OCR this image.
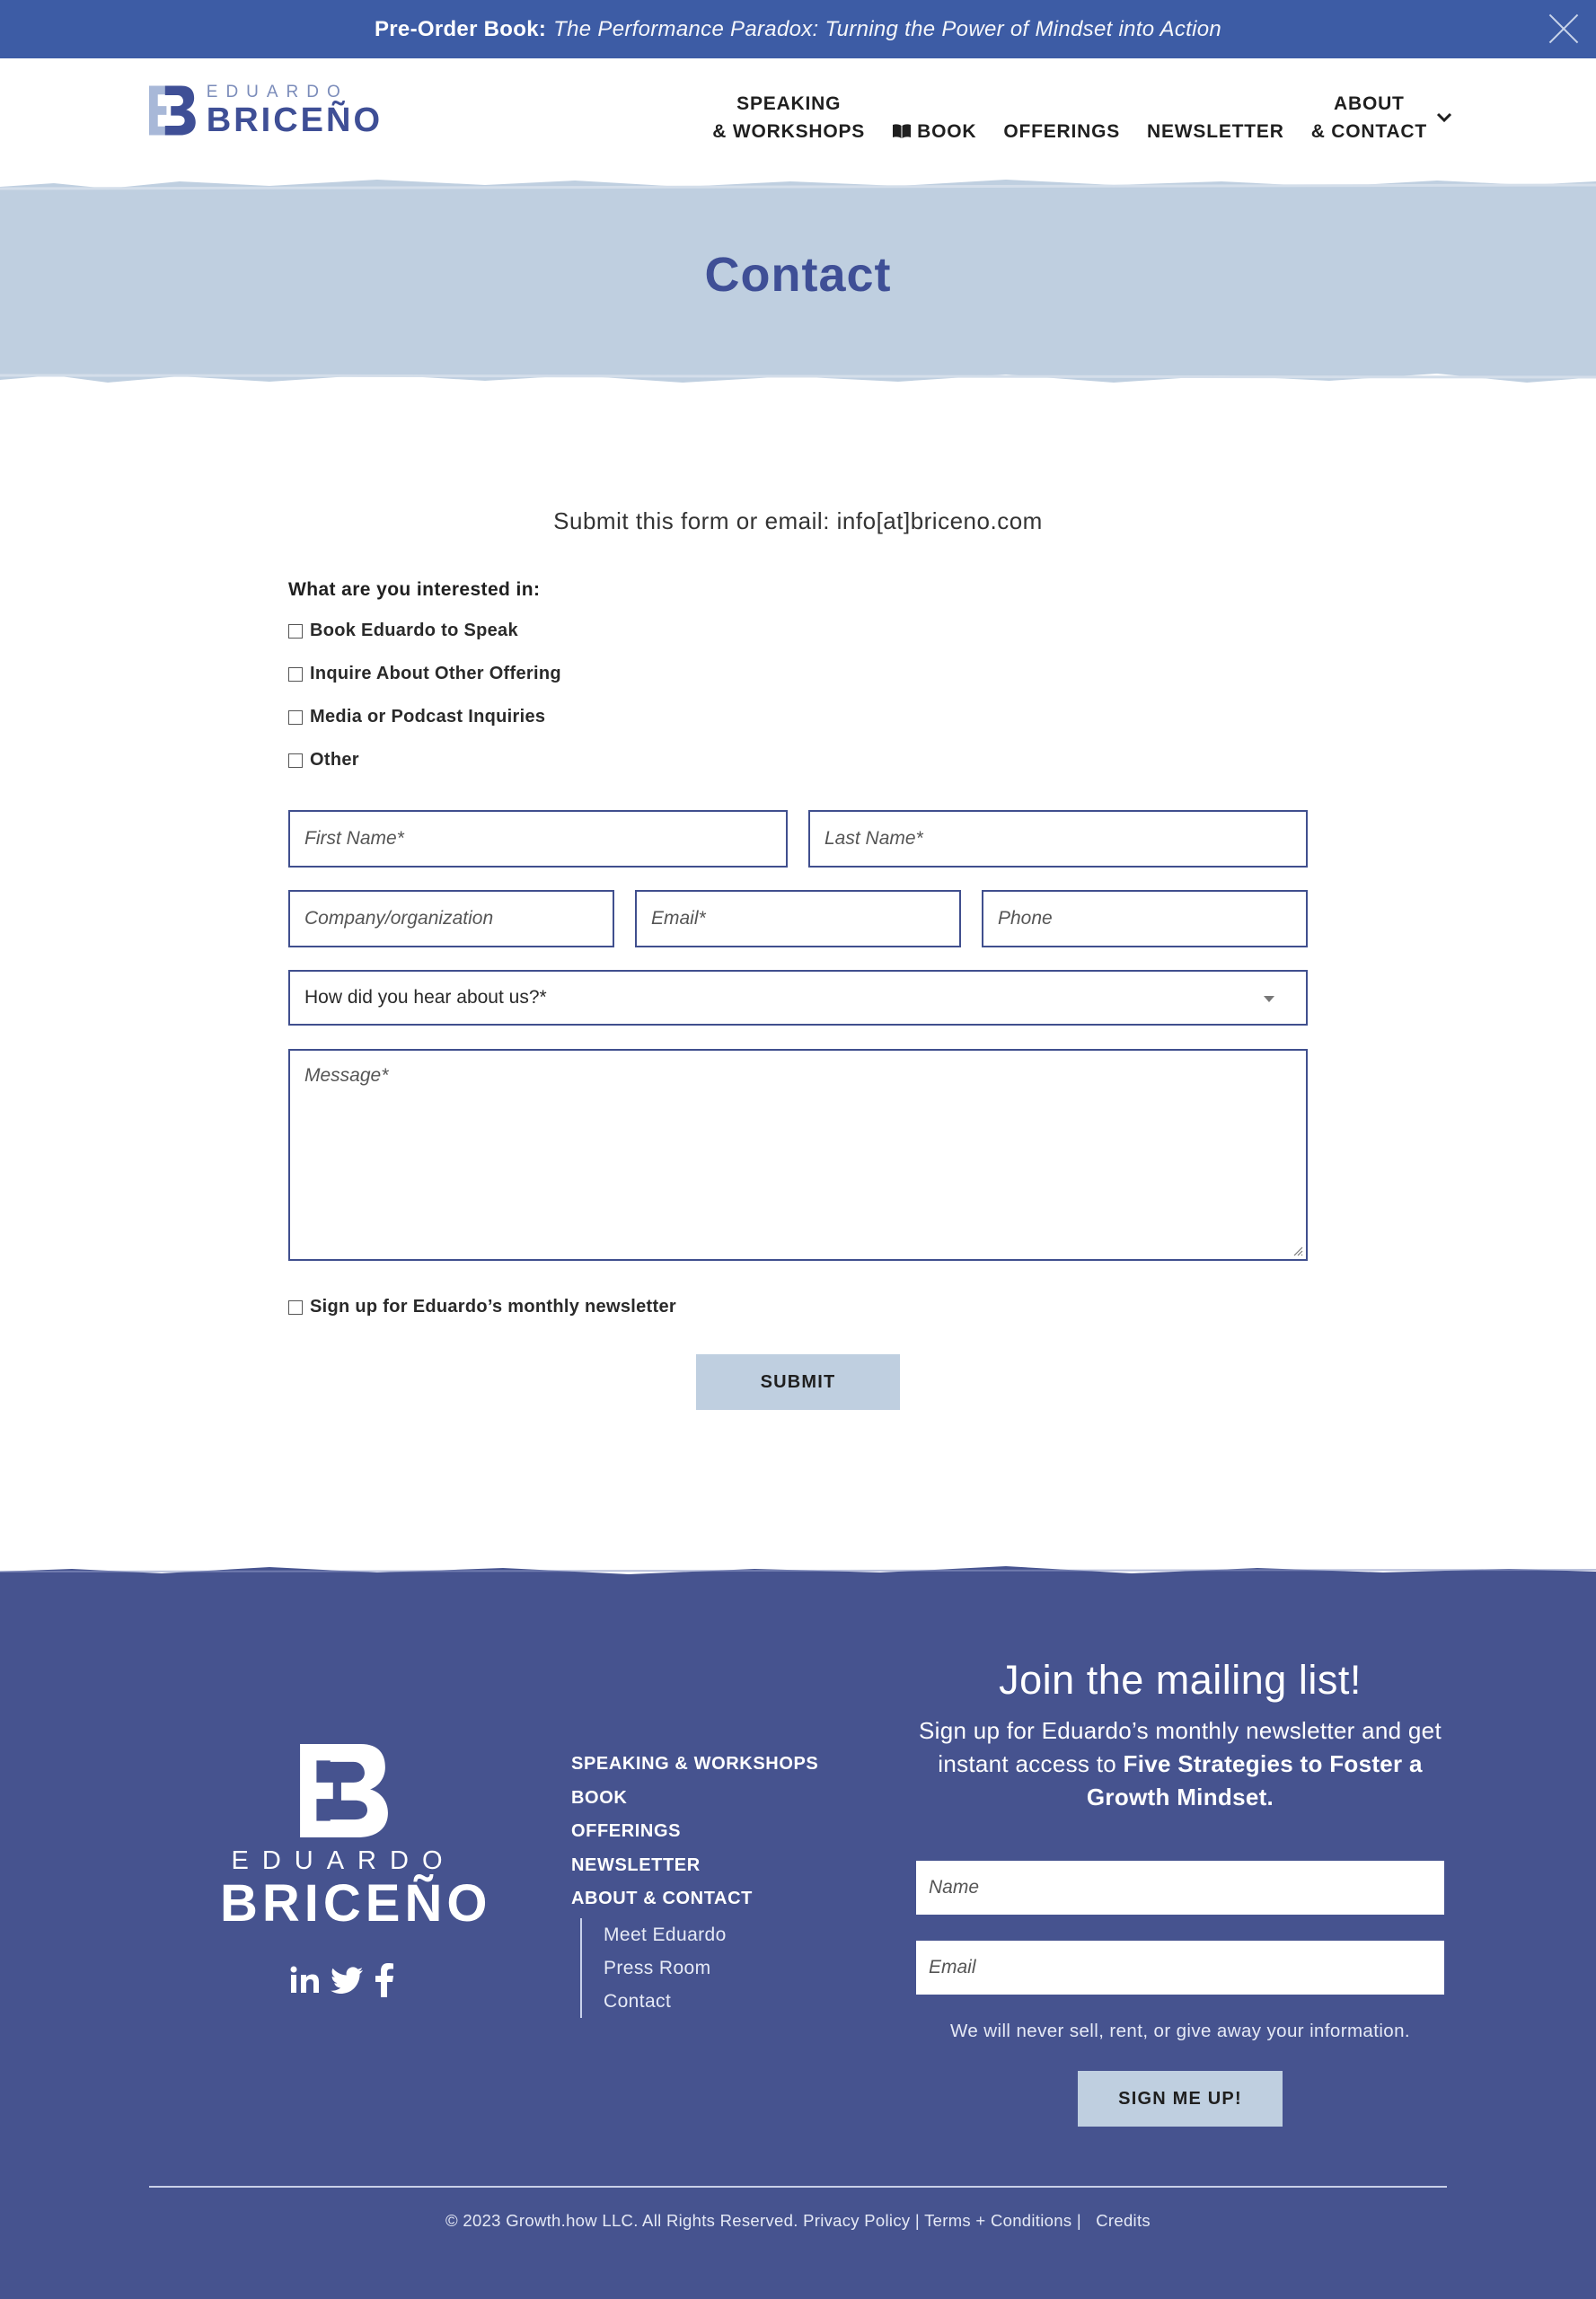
Pre-Order Book: The Performance Paradox: Turning the Power of Mindset into Action
EDUARDO
BRICEÑO	SPEAKING
& WORKSHOPS	BOOK OFFERINGS NEWSLETTER
ABOUT
& CONTACT
Contact

Submit this form or email: info[at]briceno.com

What are you interested in:
Book Eduardo to Speak
Inquire About Other Offering
Media or Podcast Inquiries
Other
First Name*	Last Name*
Company/organization	Email*	Phone
How did you hear about us?*
Message*
Sign up for Eduardo’s monthly newsletter
SUBMIT
EDUARDO
BRICEÑO
SPEAKING & WORKSHOPS
BOOK
OFFERINGS
NEWSLETTER
ABOUT & CONTACT
Meet Eduardo
Press Room
Contact
Join the mailing list!
Sign up for Eduardo’s monthly newsletter and get instant access to Five Strategies to Foster a Growth Mindset.
Name
Email
We will never sell, rent, or give away your information.
SIGN ME UP!
© 2023 Growth.how LLC. All Rights Reserved. Privacy Policy | Terms + Conditions |   Credits
